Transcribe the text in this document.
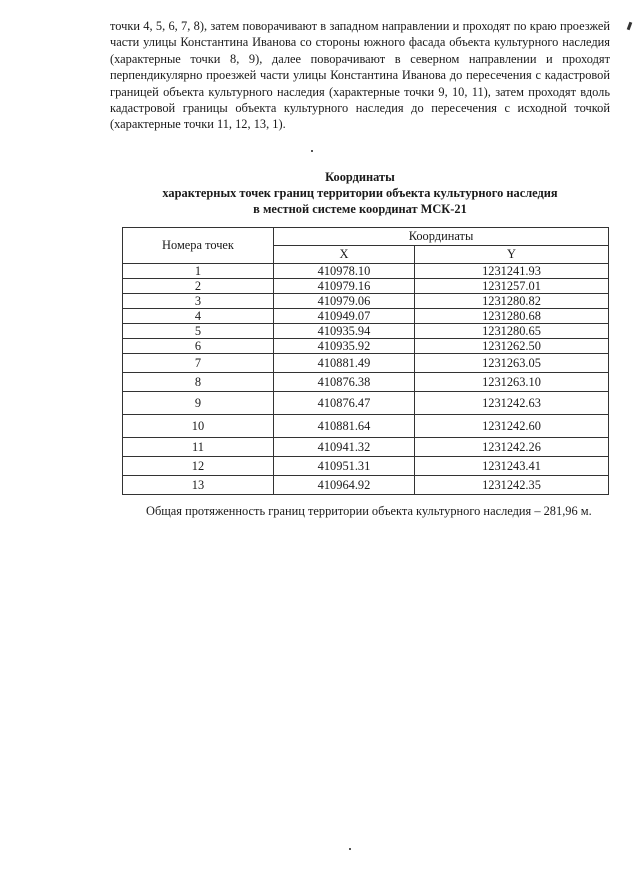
точки 4, 5, 6, 7, 8), затем поворачивают в западном направлении и проходят по краю проезжей части улицы Константина Иванова со стороны южного фасада объекта культурного наследия (характерные точки 8, 9), далее поворачивают в северном направлении и проходят перпендикулярно проезжей части улицы Константина Иванова до пересечения с кадастровой границей объекта культурного наследия (характерные точки 9, 10, 11), затем проходят вдоль кадастровой границы объекта культурного наследия до пересечения с исходной точкой (характерные точки 11, 12, 13, 1).

Координаты
характерных точек границ территории объекта культурного наследия
в местной системе координат МСК-21
Номера точек	Координаты	
	X	Y
1	410978.10	1231241.93
2	410979.16	1231257.01
3	410979.06	1231280.82
4	410949.07	1231280.68
5	410935.94	1231280.65
6	410935.92	1231262.50
7	410881.49	1231263.05
8	410876.38	1231263.10
9	410876.47	1231242.63
10	410881.64	1231242.60
11	410941.32	1231242.26
12	410951.31	1231243.41
13	410964.92	1231242.35

Общая протяженность границ территории объекта культурного наследия – 281,96 м.
